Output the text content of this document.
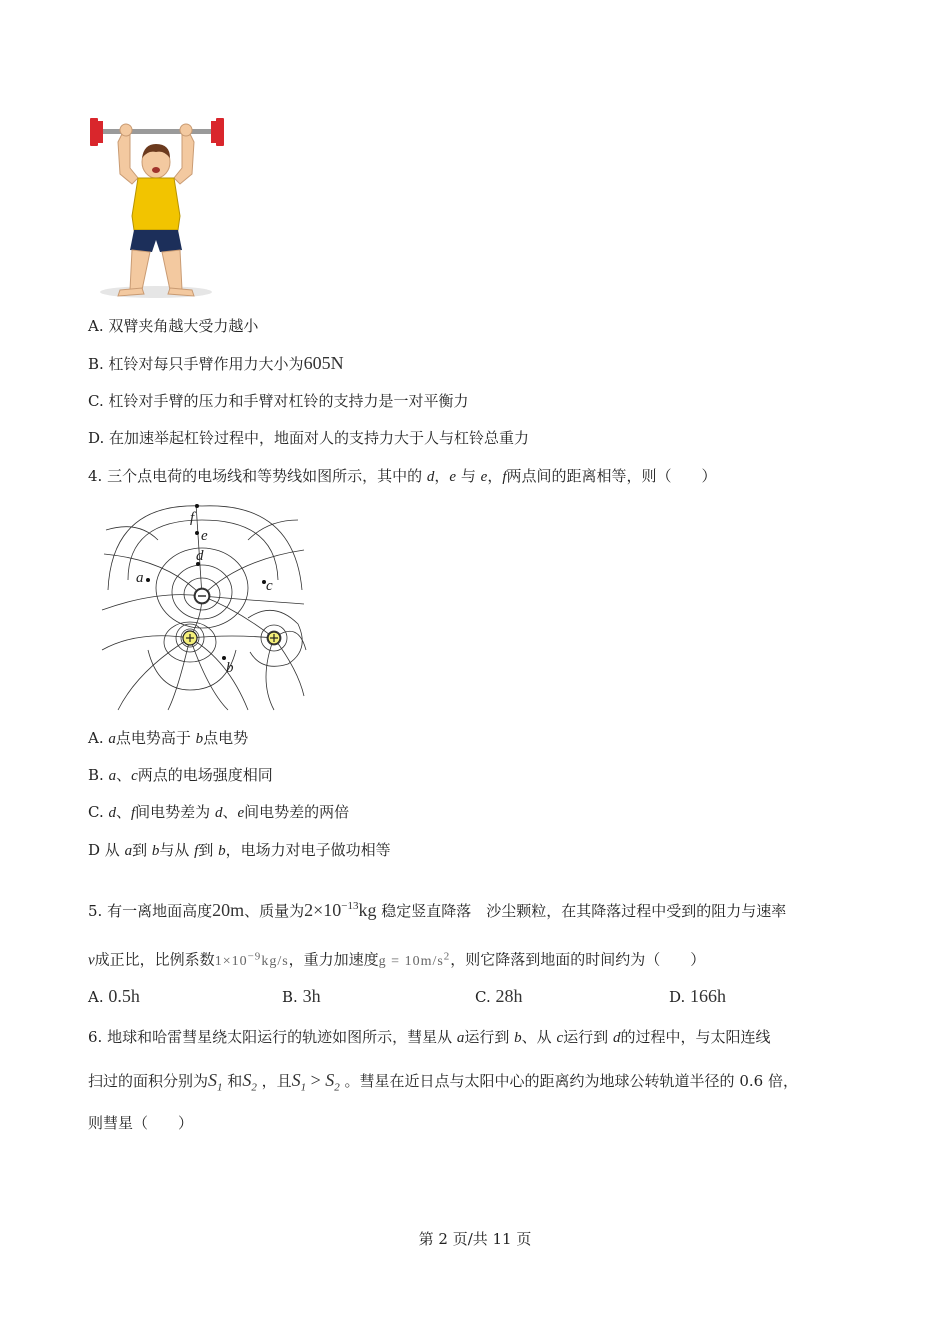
A. 双臂夹角越大受力越小
B. 杠铃对每只手臂作用力大小为605N
C. 杠铃对手臂的压力和手臂对杠铃的支持力是一对平衡力
D. 在加速举起杠铃过程中，地面对人的支持力大于人与杠铃总重力
4. 三个点电荷的电场线和等势线如图所示，其中的 d，e 与 e，f两点间的距离相等，则（　　）
f
e
d
a	c
b
A. a点电势高于 b点电势
B. a、c两点的电场强度相同
C. d、f间电势差为 d、e间电势差的两倍
D 从 a到 b与从 f到 b，电场力对电子做功相等
5. 有一离地面高度20m、质量为$2\times 10^{-13}kg$ 稳定竖直降落　沙尘颗粒，在其降落过程中受到的阻力与速率
v成正比，比例系数$1\times 10^{-9}kg/s$，重力加速度$g = 10m/s^2$，则它降落到地面的时间约为（　　）
A. 0.5h	B. 3h	C. 28h	D. 166h
6. 地球和哈雷彗星绕太阳运行的轨迹如图所示，彗星从 a运行到 b、从 c运行到 d的过程中，与太阳连线
扫过的面积分别为$S_1$ 和$S_2$ ，且$S_1 > S_2$ 。彗星在近日点与太阳中心的距离约为地球公转轨道半径的 0.6 倍，
则彗星（　　）
第 2 页/共 11 页
